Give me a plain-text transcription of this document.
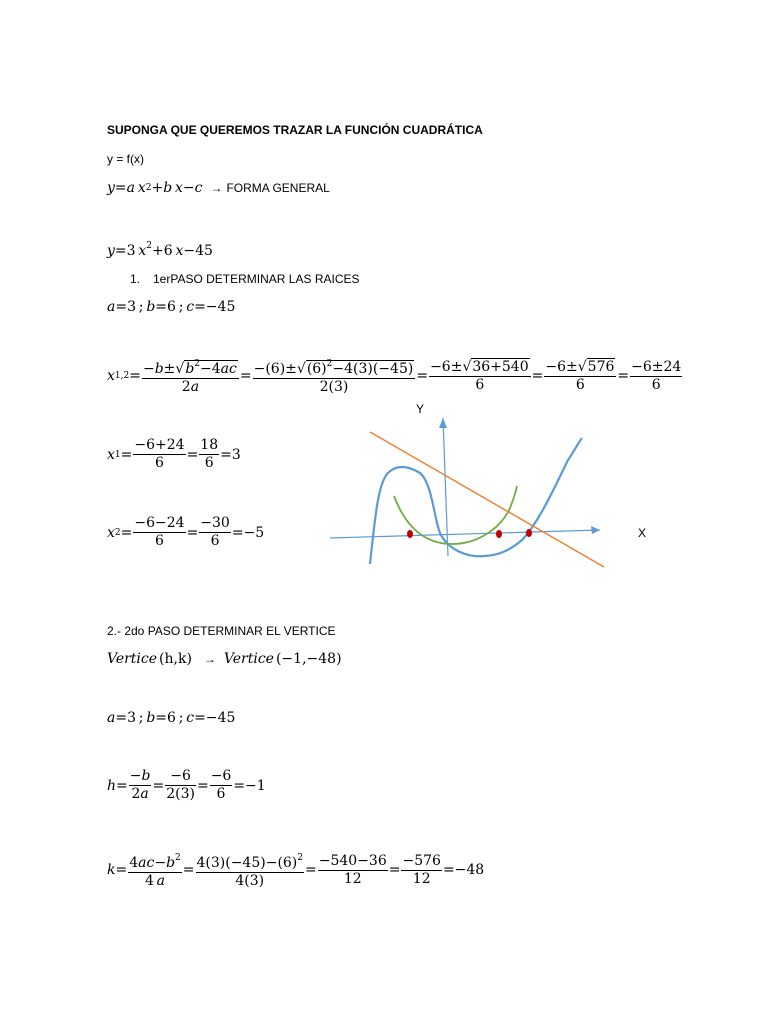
SUPONGA QUE QUEREMOS TRAZAR LA FUNCIÓN CUADRÁTICA
y = f(x)
y = a
  x 2 + b
  x − c → FORMA GENERAL
y=3 $x^2+6$ x−45
1. 1erPASO DETERMINAR LAS RAICES
a=3 ; b=6 ; c=−45
x $1,2 = \frac{-b\pm√b^2-4ac}{2a} = \frac{-(6)\pm√(6)^2-4(3)(-45)}{2(3)} = \frac{-6\pm√36+540}{6} = \frac{-6\pm√576}{6} = \frac{-6\pm 24}{6}$
x $1 = \frac{-6+24}{6} = \frac{18}{6} =3$
x $2 = \frac{-6-24}{6} = \frac{-30}{6} =-5$
Y
X
2.- 2do PASO DETERMINAR EL VERTICE
Vertice (h,k) → Vertice (−1,−48)
a=3 ; b=6 ; c=−45
$h = \frac{-b}{2a} = \frac{-6}{2(3)} = \frac{-6}{6} =-1$
$k = \frac{4ac-b^2}{4 a} = \frac{4(3)(-45)-(6)^2}{4(3)} = \frac{-540-36}{12} = \frac{-576}{12} =-48$
